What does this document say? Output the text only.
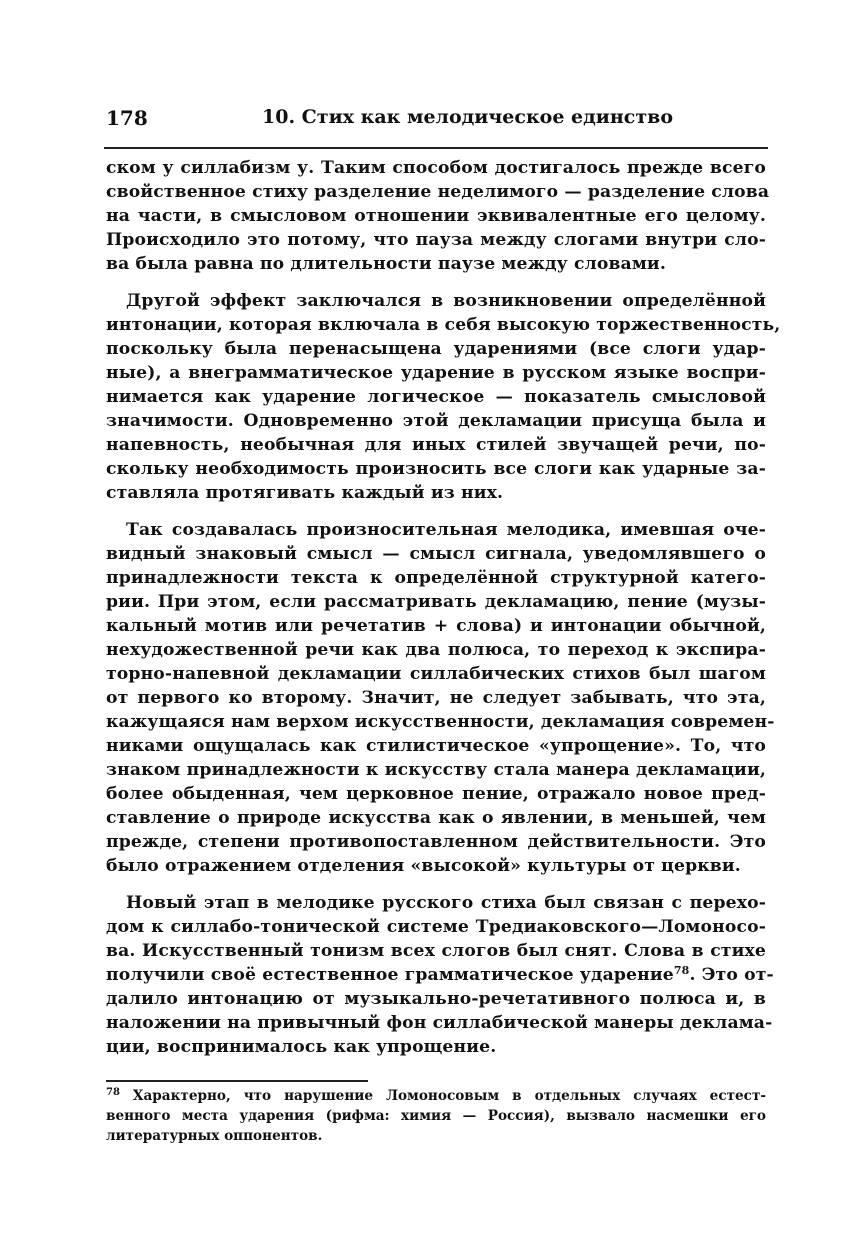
178	10. Стих как мелодическое единство
ском у силлабизм у. Таким способом достигалось прежде всего
свойственное стиху разделение неделимого — разделение слова
на части, в смысловом отношении эквивалентные его целому.
Происходило это потому, что пауза между слогами внутри сло-
ва была равна по длительности паузе между словами.
Другой эффект заключался в возникновении определённой
интонации, которая включала в себя высокую торжественность,
поскольку была перенасыщена ударениями (все слоги удар-
ные), а внеграмматическое ударение в русском языке воспри-
нимается как ударение логическое — показатель смысловой
значимости. Одновременно этой декламации присуща была и
напевность, необычная для иных стилей звучащей речи, по-
скольку необходимость произносить все слоги как ударные за-
ставляла протягивать каждый из них.
Так создавалась произносительная мелодика, имевшая оче-
видный знаковый смысл — смысл сигнала, уведомлявшего о
принадлежности текста к определённой структурной катего-
рии. При этом, если рассматривать декламацию, пение (музы-
кальный мотив или речетатив + слова) и интонации обычной,
нехудожественной речи как два полюса, то переход к экспира-
торно-напевной декламации силлабических стихов был шагом
от первого ко второму. Значит, не следует забывать, что эта,
кажущаяся нам верхом искусственности, декламация современ-
никами ощущалась как стилистическое «упрощение». То, что
знаком принадлежности к искусству стала манера декламации,
более обыденная, чем церковное пение, отражало новое пред-
ставление о природе искусства как о явлении, в меньшей, чем
прежде, степени противопоставленном действительности. Это
было отражением отделения «высокой» культуры от церкви.
Новый этап в мелодике русского стиха был связан с перехо-
дом к силлабо-тонической системе Тредиаковского—Ломоносо-
ва. Искусственный тонизм всех слогов был снят. Слова в стихе
получили своё естественное грамматическое ударение$^{78}$. Это от-
далило интонацию от музыкально-речетативного полюса и, в
наложении на привычный фон силлабической манеры деклама-
ции, воспринималось как упрощение.
$^{78}$ Характерно, что нарушение Ломоносовым в отдельных случаях естест-
венного места ударения (рифма: химия — Россия), вызвало насмешки его
литературных оппонентов.
